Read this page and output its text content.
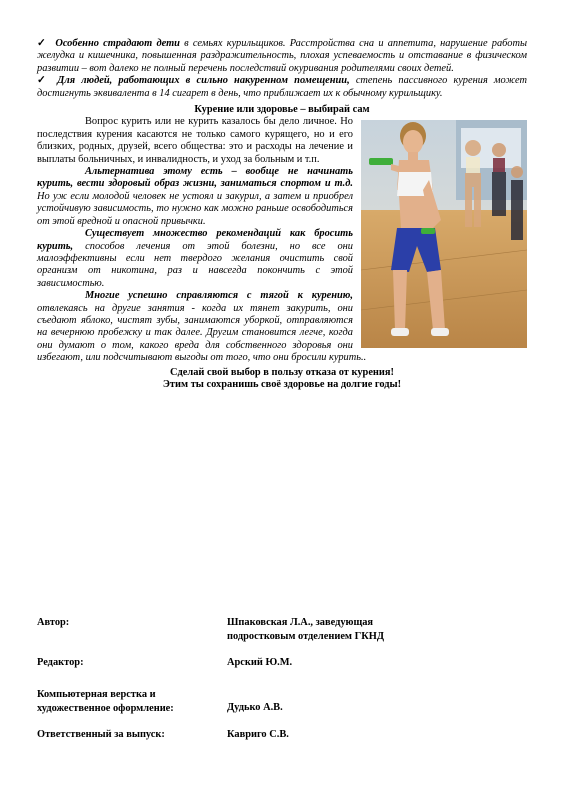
✓ Особенно страдают дети в семьях курильщиков. Расстройства сна и аппетита, нарушение работы желудка и кишечника, повышенная раздражительность, плохая успеваемость и отставание в физическом развитии – вот далеко не полный перечень последствий окуривания родителями своих детей.

✓ Для людей, работающих в сильно накуренном помещении, степень пассивного курения может достигнуть эквивалента в 14 сигарет в день, что приближает их к обычному курильщику.

Курение или здоровье – выбирай сам

Вопрос курить или не курить казалось бы дело личное. Но последствия курения касаются не только самого курящего, но и его близких, родных, друзей, всего общества: это и расходы на лечение и выплаты больничных, и инвалидность, и уход за больным и т.п.

Альтернатива этому есть – вообще не начинать курить, вести здоровый образ жизни, заниматься спортом и т.д. Но уж если молодой человек не устоял и закурил, а затем и приобрел устойчивую зависимость, то нужно как можно раньше освободиться от этой вредной и опасной привычки.

Существует множество рекомендаций как бросить курить, способов лечения от этой болезни, но все они малоэффективны если нет твердого желания очистить свой организм от никотина, раз и навсегда покончить с этой зависимостью.

Многие успешно справляются с тягой к курению, отвлекаясь на другие занятия - когда их тянет закурить, они съедают яблоко, чистят зубы, занимаются уборкой, отправляются на вечернюю пробежку и так далее. Другим становится легче, когда они думают о том, какого вреда для собственного здоровья они избегают, или подсчитывают выгоды от того, что они бросили курить..

Сделай свой выбор в пользу отказа от курения!

Этим ты сохранишь своё здоровье на долгие годы!

Автор:	Шпаковская Л.А., заведующая
подростковым отделением ГКНД
Редактор:	Арский Ю.М.
Компьютерная верстка и
художественное оформление:	Дудько А.В.
Ответственный за выпуск:	Кавриго С.В.
